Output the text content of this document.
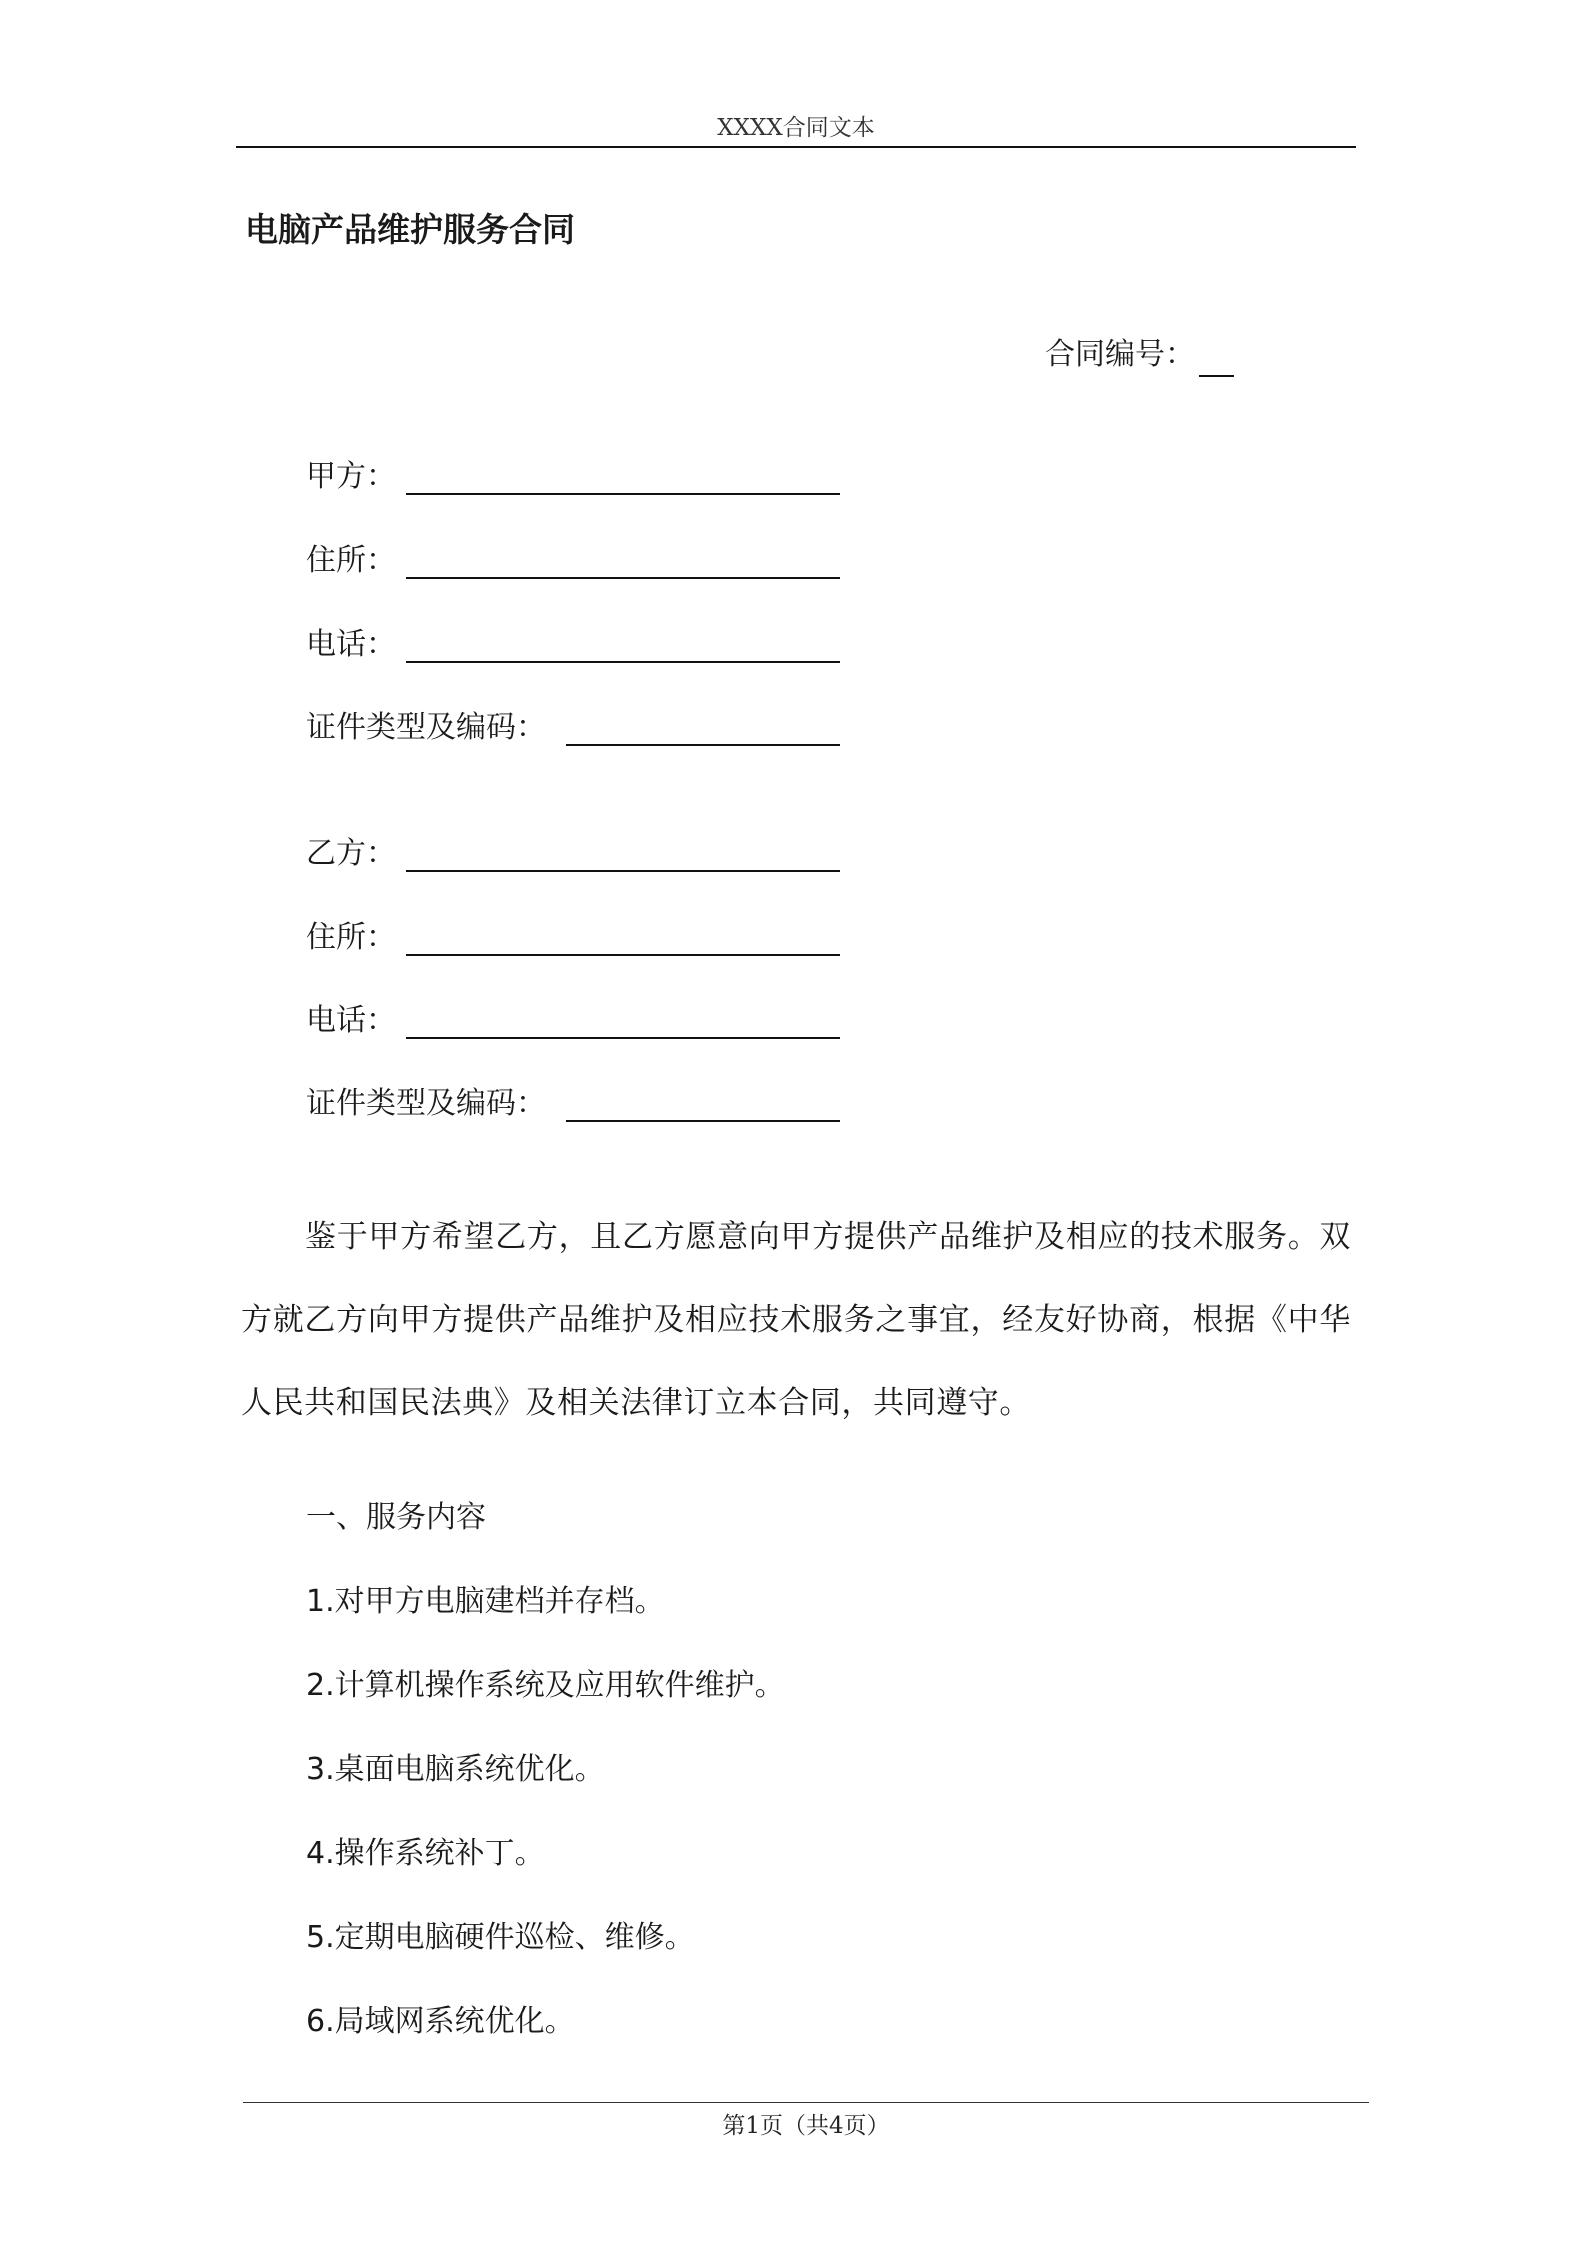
XXXX合同文本
电脑产品维护服务合同
合同编号：
甲方：
住所：
电话：
证件类型及编码：
乙方：
住所：
电话：
证件类型及编码：
鉴于甲方希望乙方，且乙方愿意向甲方提供产品维护及相应的技术服务。双方就乙方向甲方提供产品维护及相应技术服务之事宜，经友好协商，根据《中华人民共和国民法典》及相关法律订立本合同，共同遵守。
一、服务内容
1.对甲方电脑建档并存档。
2.计算机操作系统及应用软件维护。
3.桌面电脑系统优化。
4.操作系统补丁。
5.定期电脑硬件巡检、维修。
6.局域网系统优化。
第1页（共4页）
